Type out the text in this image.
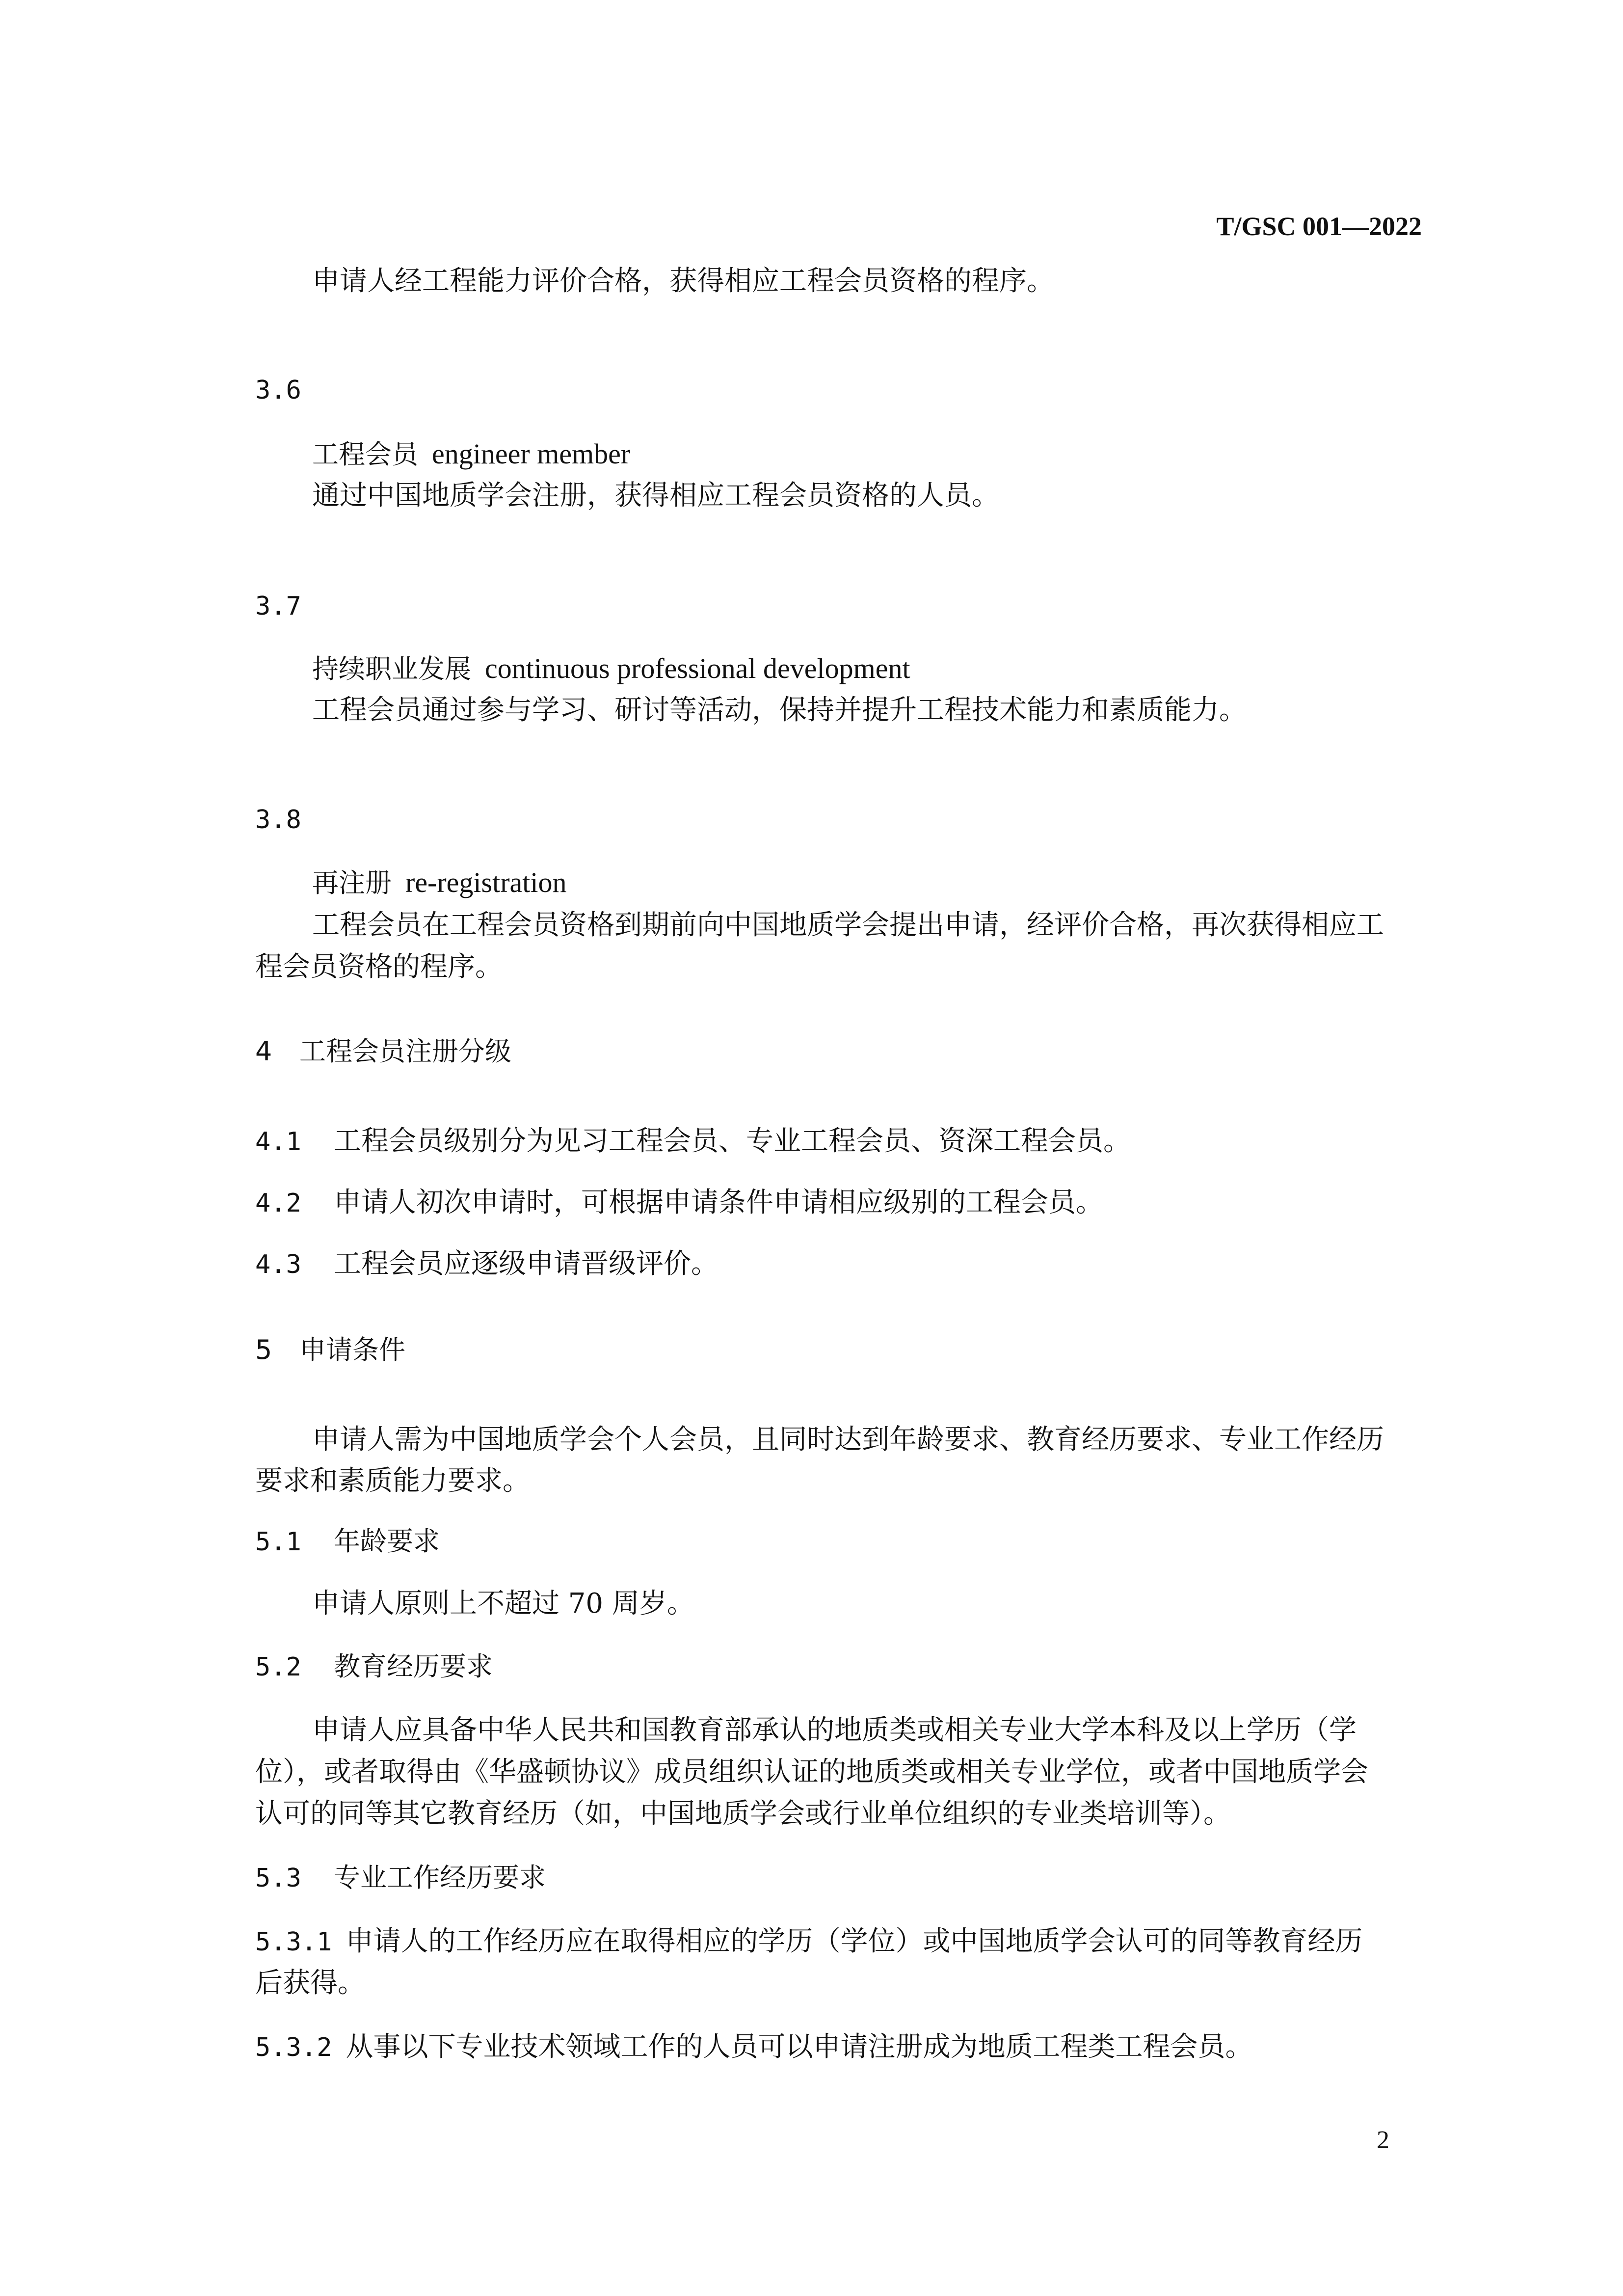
T/GSC 001—2022
申请人经工程能力评价合格，获得相应工程会员资格的程序。
3.6
工程会员 engineer member
通过中国地质学会注册，获得相应工程会员资格的人员。
3.7
持续职业发展 continuous professional development
工程会员通过参与学习、研讨等活动，保持并提升工程技术能力和素质能力。
3.8
再注册 re-registration
工程会员在工程会员资格到期前向中国地质学会提出申请，经评价合格，再次获得相应工
程会员资格的程序。
4 工程会员注册分级
4.1 工程会员级别分为见习工程会员、专业工程会员、资深工程会员。
4.2 申请人初次申请时，可根据申请条件申请相应级别的工程会员。
4.3 工程会员应逐级申请晋级评价。
5 申请条件
申请人需为中国地质学会个人会员，且同时达到年龄要求、教育经历要求、专业工作经历
要求和素质能力要求。
5.1 年龄要求
申请人原则上不超过 70 周岁。
5.2 教育经历要求
申请人应具备中华人民共和国教育部承认的地质类或相关专业大学本科及以上学历（学
位），或者取得由《华盛顿协议》成员组织认证的地质类或相关专业学位，或者中国地质学会
认可的同等其它教育经历（如，中国地质学会或行业单位组织的专业类培训等）。
5.3 专业工作经历要求
5.3.1 申请人的工作经历应在取得相应的学历（学位）或中国地质学会认可的同等教育经历
后获得。
5.3.2 从事以下专业技术领域工作的人员可以申请注册成为地质工程类工程会员。
2
